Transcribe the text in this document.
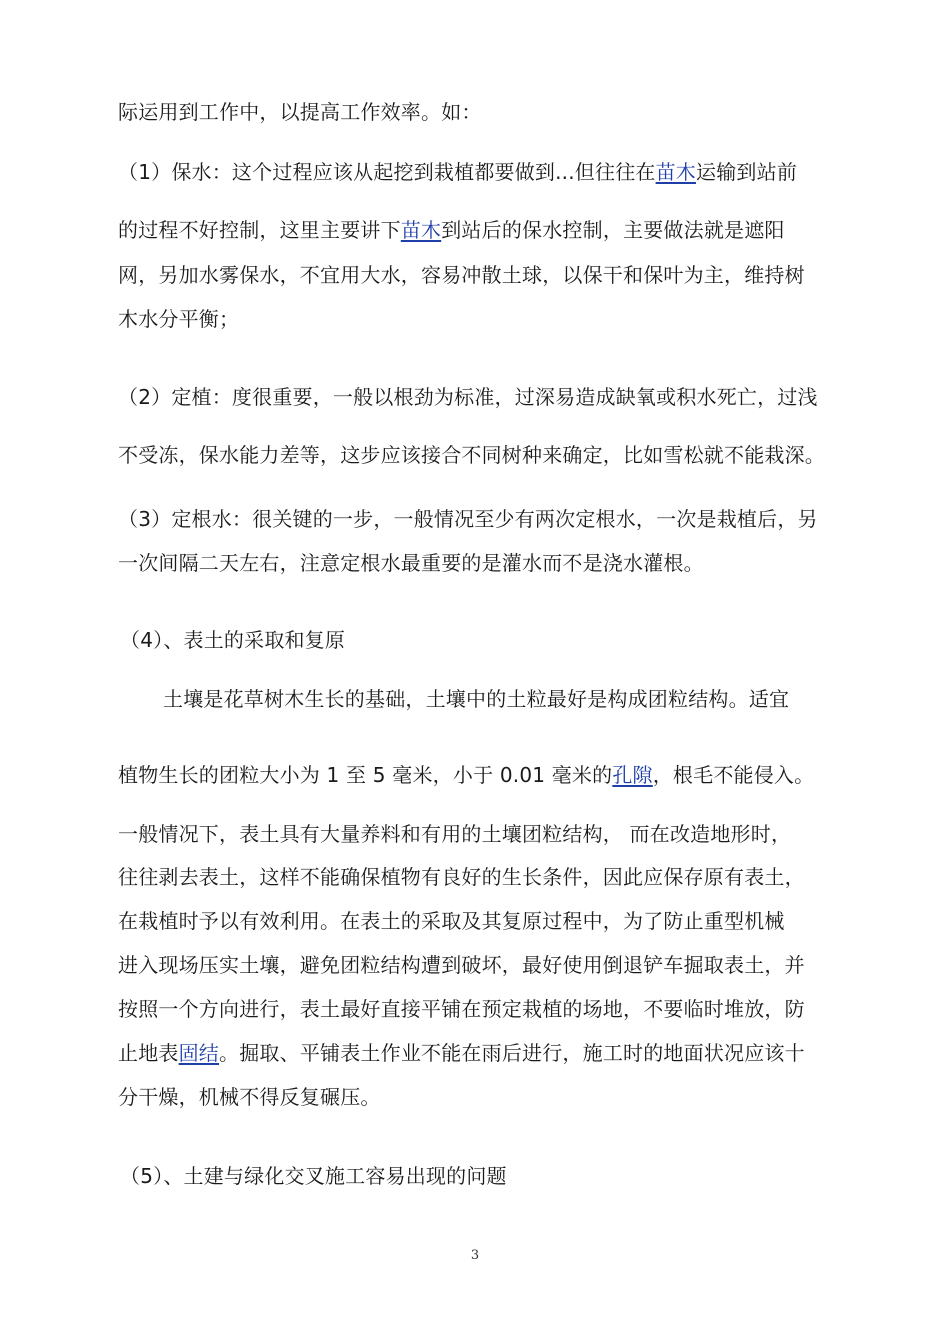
际运用到工作中，以提高工作效率。如：
（1）保水：这个过程应该从起挖到栽植都要做到...但往往在苗木运输到站前
的过程不好控制，这里主要讲下苗木到站后的保水控制，主要做法就是遮阳
网，另加水雾保水，不宜用大水，容易冲散土球，以保干和保叶为主，维持树
木水分平衡；
（2）定植：度很重要，一般以根劲为标准，过深易造成缺氧或积水死亡，过浅
不受冻，保水能力差等，这步应该接合不同树种来确定，比如雪松就不能栽深。
（3）定根水：很关键的一步，一般情况至少有两次定根水，一次是栽植后，另
一次间隔二天左右，注意定根水最重要的是灌水而不是浇水灌根。
（4）、表土的采取和复原
土壤是花草树木生长的基础，土壤中的土粒最好是构成团粒结构。适宜
植物生长的团粒大小为 1 至 5 毫米，小于 0.01 毫米的孔隙，根毛不能侵入。
一般情况下，表土具有大量养料和有用的土壤团粒结构， 而在改造地形时，
往往剥去表土，这样不能确保植物有良好的生长条件，因此应保存原有表土，
在栽植时予以有效利用。在表土的采取及其复原过程中，为了防止重型机械
进入现场压实土壤，避免团粒结构遭到破坏，最好使用倒退铲车掘取表土，并
按照一个方向进行，表土最好直接平铺在预定栽植的场地，不要临时堆放，防
止地表固结。掘取、平铺表土作业不能在雨后进行，施工时的地面状况应该十
分干燥，机械不得反复碾压。
（5）、土建与绿化交叉施工容易出现的问题
3
